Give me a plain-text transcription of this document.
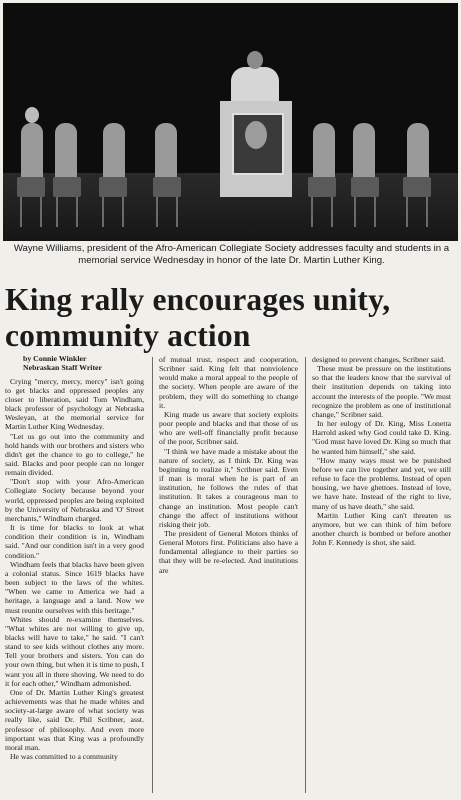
Wayne Williams, president of the Afro-American Collegiate Society addresses faculty and students in a memorial service Wednesday in honor of the late Dr. Martin Luther King.
King rally encourages unity, community action
by Connie Winkler
Nebraskan Staff Writer

Crying "mercy, mercy, mercy" isn't going to get blacks and oppressed peoples any closer to liberation, said Tom Windham, black professor of psychology at Nebraska Wesleyan, at the memorial service for Martin Luther King Wednesday.

"Let us go out into the community and hold hands with our brothers and sisters who didn't get the chance to go to college," he said. Blacks and poor people can no longer remain divided.

"Don't stop with your Afro-American Collegiate Society because beyond your world, oppressed peoples are being exploited by the University of Nebraska and 'O' Street merchants," Windham charged.

It is time for blacks to look at what condition their condition is in, Windham said. "And our condition isn't in a very good condition."

Windham feels that blacks have been given a colonial status. Since 1619 blacks have been subject to the laws of the whites. "When we came to America we had a heritage, a language and a land. Now we must reunite ourselves with this heritage."

Whites should re-examine themselves. "What whites are not willing to give up, blacks will have to take," he said. "I can't stand to see kids without clothes any more. Tell your brothers and sisters. You can do your own thing, but when it is time to push, I want you all in there shoving. We need to do it for each other," Windham admonished.

One of Dr. Martin Luther King's greatest achievements was that he made whites and society-at-large aware of what society was really like, said Dr. Phil Scribner, asst. professor of philosophy. And even more important was that King was a profoundly moral man.

He was committed to a community

of mutual trust, respect and cooperation, Scribner said. King felt that nonviolence would make a moral appeal to the people of the society. When people are aware of the problem, they will do something to change it.

King made us aware that society exploits poor people and blacks and that those of us who are well-off financially profit because of the poor, Scribner said.

"I think we have made a mistake about the nature of society, as I think Dr. King was beginning to realize it," Scribner said. Even if man is moral when he is part of an institution, he follows the rules of that institution. It takes a courageous man to change an institution. Most people can't change the affect of institutions without risking their job.

The president of General Motors thinks of General Motors first. Politicians also have a fundamental allegiance to their parties so that they will be re-elected. And institutions are

designed to prevent changes, Scribner said.

These must be pressure on the institutions so that the leaders know that the survival of their institution depends on taking into account the interests of the people. "We must recognize the problem as one of institutional change," Scribner said.

In her eulogy of Dr. King, Miss Lonetta Harrold asked why God could take D. King. "God must have loved Dr. King so much that he wanted him himself," she said.

"How many ways must we be punished before we can live together and yet, we still refuse to face the problems. Instead of open housing, we have ghettoes. Instead of love, we have hate. Instead of the right to live, many of us have death," she said.

Martin Luther King can't threaten us anymore, but we can think of him before another church is bombed or before another John F. Kennedy is shot, she said.
